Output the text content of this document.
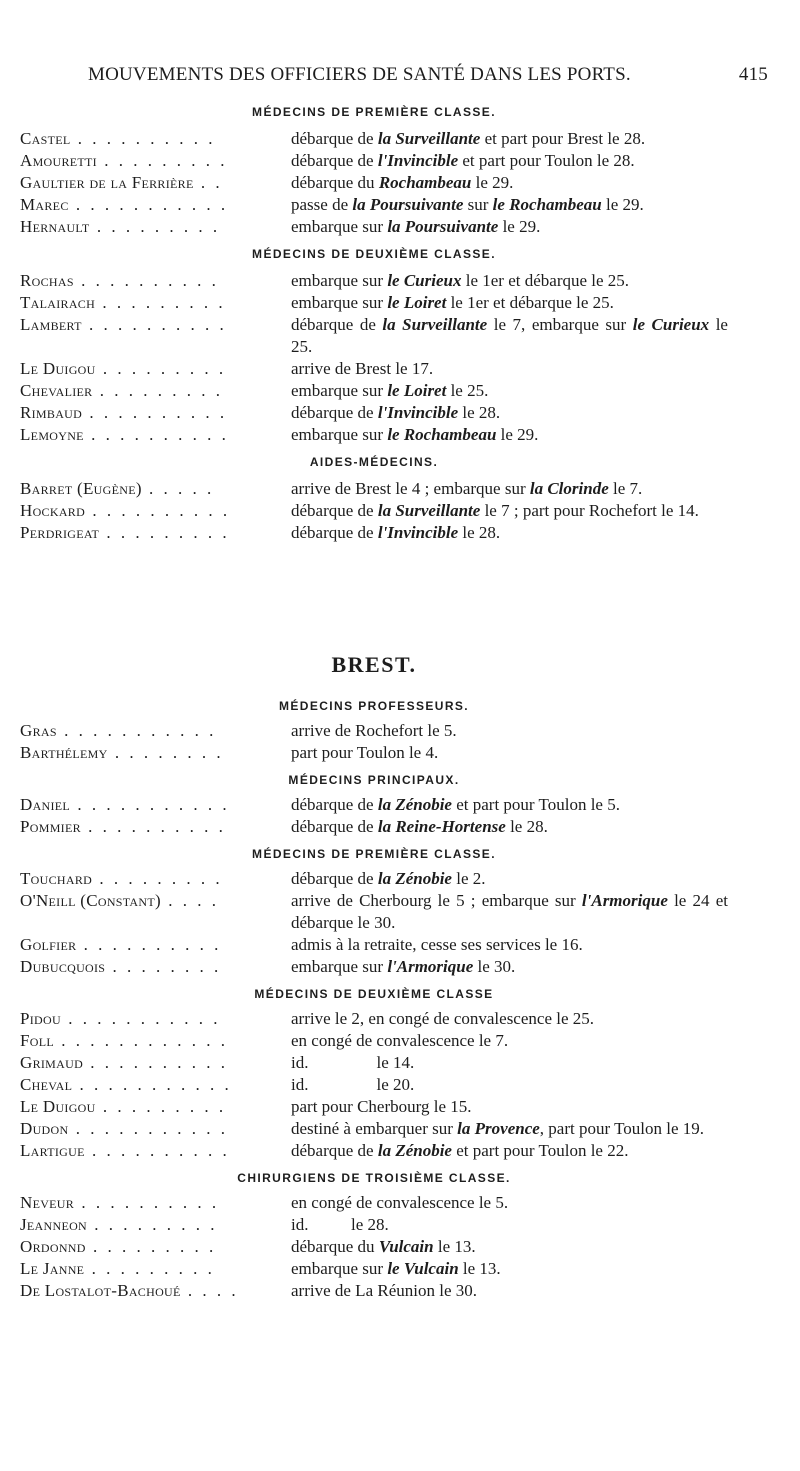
MOUVEMENTS DES OFFICIERS DE SANTÉ DANS LES PORTS.	415

MÉDECINS DE PREMIÈRE CLASSE.

Castel . . . . . . . . . .	débarque de la Surveillante et part pour Brest le 28.
Amouretti . . . . . . . . .	débarque de l'Invincible et part pour Toulon le 28.
Gaultier de la Ferrière . .	débarque du Rochambeau le 29.
Marec . . . . . . . . . . .	passe de la Poursuivante sur le Rochambeau le 29.
Hernault . . . . . . . . .	embarque sur la Poursuivante le 29.

MÉDECINS DE DEUXIÈME CLASSE.

Rochas . . . . . . . . . .	embarque sur le Curieux le 1er et débarque le 25.
Talairach . . . . . . . . .	embarque sur le Loiret le 1er et débarque le 25.
Lambert . . . . . . . . . .	débarque de la Surveillante le 7, embarque sur le Curieux le 25.
Le Duigou . . . . . . . . .	arrive de Brest le 17.
Chevalier . . . . . . . . .	embarque sur le Loiret le 25.
Rimbaud . . . . . . . . . .	débarque de l'Invincible le 28.
Lemoyne . . . . . . . . . .	embarque sur le Rochambeau le 29.

AIDES-MÉDECINS.

Barret (Eugène) . . . . .	arrive de Brest le 4 ; embarque sur la Clorinde le 7.
Hockard . . . . . . . . . .	débarque de la Surveillante le 7 ; part pour Rochefort le 14.
Perdrigeat . . . . . . . . .	débarque de l'Invincible le 28.

BREST.

MÉDECINS PROFESSEURS.

Gras . . . . . . . . . . .	arrive de Rochefort le 5.
Barthélemy . . . . . . . .	part pour Toulon le 4.

MÉDECINS PRINCIPAUX.

Daniel . . . . . . . . . . .	débarque de la Zénobie et part pour Toulon le 5.
Pommier . . . . . . . . . .	débarque de la Reine-Hortense le 28.

MÉDECINS DE PREMIÈRE CLASSE.

Touchard . . . . . . . . .	débarque de la Zénobie le 2.
O'Neill (Constant) . . . .	arrive de Cherbourg le 5 ; embarque sur l'Armorique le 24 et débarque le 30.
Golfier . . . . . . . . . .	admis à la retraite, cesse ses services le 16.
Dubucquois . . . . . . . .	embarque sur l'Armorique le 30.

MÉDECINS DE DEUXIÈME CLASSE

Pidou . . . . . . . . . . .	arrive le 2, en congé de convalescence le 25.
Foll . . . . . . . . . . . .	en congé de convalescence le 7.
Grimaud . . . . . . . . . .	id.                le 14.
Cheval . . . . . . . . . . .	id.                le 20.
Le Duigou . . . . . . . . .	part pour Cherbourg le 15.
Dudon . . . . . . . . . . .	destiné à embarquer sur la Provence, part pour Toulon le 19.
Lartigue . . . . . . . . . .	débarque de la Zénobie et part pour Toulon le 22.

CHIRURGIENS DE TROISIÈME CLASSE.

Neveur . . . . . . . . . .	en congé de convalescence le 5.
Jeanneon . . . . . . . . .	id.          le 28.
Ordonnd . . . . . . . . .	débarque du Vulcain le 13.
Le Janne . . . . . . . . .	embarque sur le Vulcain le 13.
De Lostalot-Bachoué . . . .	arrive de La Réunion le 30.
